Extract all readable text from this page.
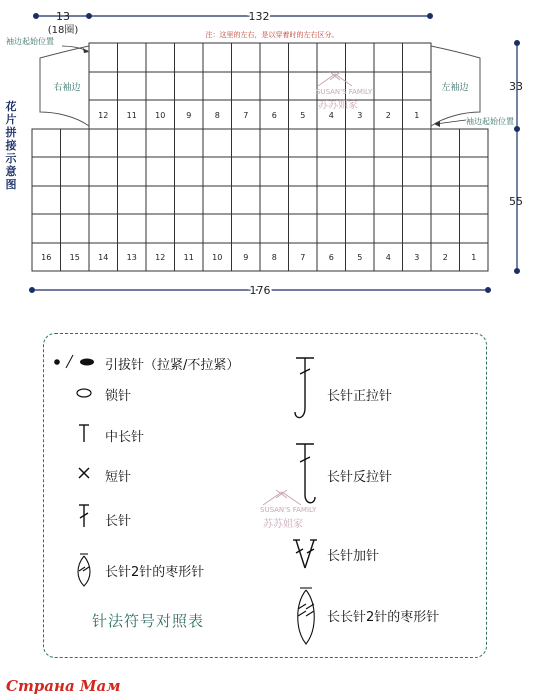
13
(18圈)
132
注：这里的左右，是以穿着时的左右区分。
12 11 10	9	8	7	6	5	4	3	2	1
右袖边	左袖边
袖边起始位置
袖边起始位置
16 15 14 13 12 11 10	9	8	7	6	5	4	3	2	1
33
55
176
花
片
拼
接
示
意
图
SUSAN'S FAMILY
苏苏姐家
SUSAN'S FAMILY
苏苏姐家
引拔针（拉紧/不拉紧）
锁针
中长针
短针
长针
长针2针的枣形针
长针正拉针
长针反拉针
长针加针
长长针2针的枣形针
针法符号对照表
Страна Мам
